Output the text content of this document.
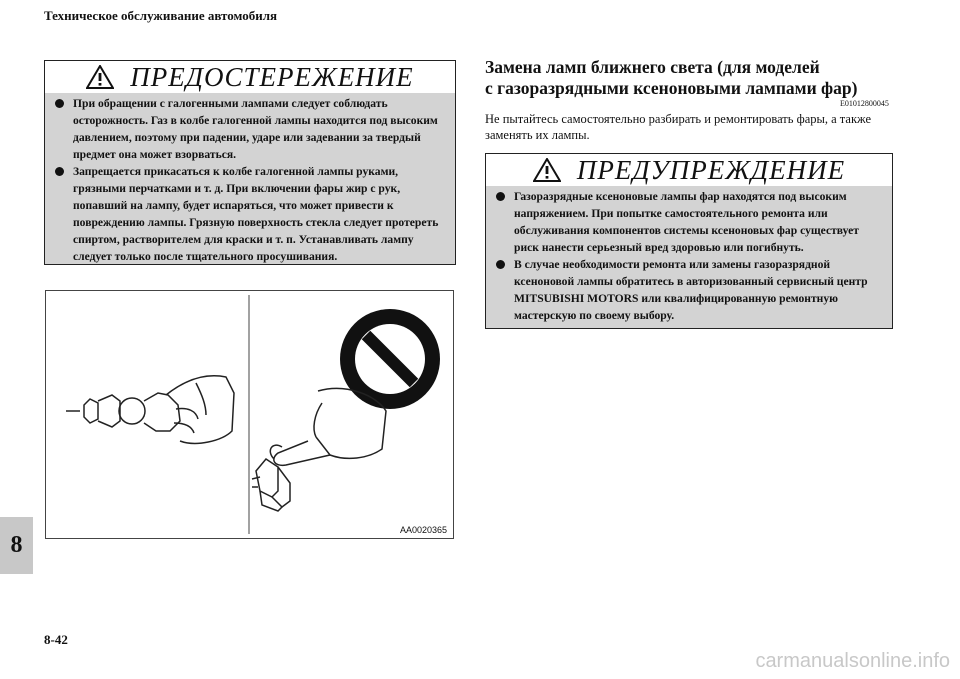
Техническое обслуживание автомобиля
ПРЕДОСТЕРЕЖЕНИЕ
При обращении с галогенными лампами следует соблюдать осторожность. Газ в колбе галогенной лампы находится под высоким давлением, поэтому при падении, ударе или задевании за твердый предмет она может взорваться.
Запрещается прикасаться к колбе галогенной лампы руками, грязными перчатками и т. д. При включении фары жир с рук, попавший на лампу, будет испаряться, что может привести к повреждению лампы. Грязную поверхность стекла следует протереть спиртом, растворителем для краски и т. п. Устанавливать лампу следует только после тщательного просушивания.
AA0020365
Замена ламп ближнего света (для моделей
с газоразрядными ксеноновыми лампами фар)
E01012800045
Не пытайтесь самостоятельно разбирать и ремонтировать фары, а также заменять их лампы.
ПРЕДУПРЕЖДЕНИЕ
Газоразрядные ксеноновые лампы фар находятся под высоким напряжением. При попытке самостоятельного ремонта или обслуживания компонентов системы ксеноновых фар существует риск нанести серьезный вред здоровью или погибнуть.
В случае необходимости ремонта или замены газоразрядной ксеноновой лампы обратитесь в авторизованный сервисный центр MITSUBISHI MOTORS или квалифицированную ремонтную мастерскую по своему выбору.
8
8-42
carmanualsonline.info
